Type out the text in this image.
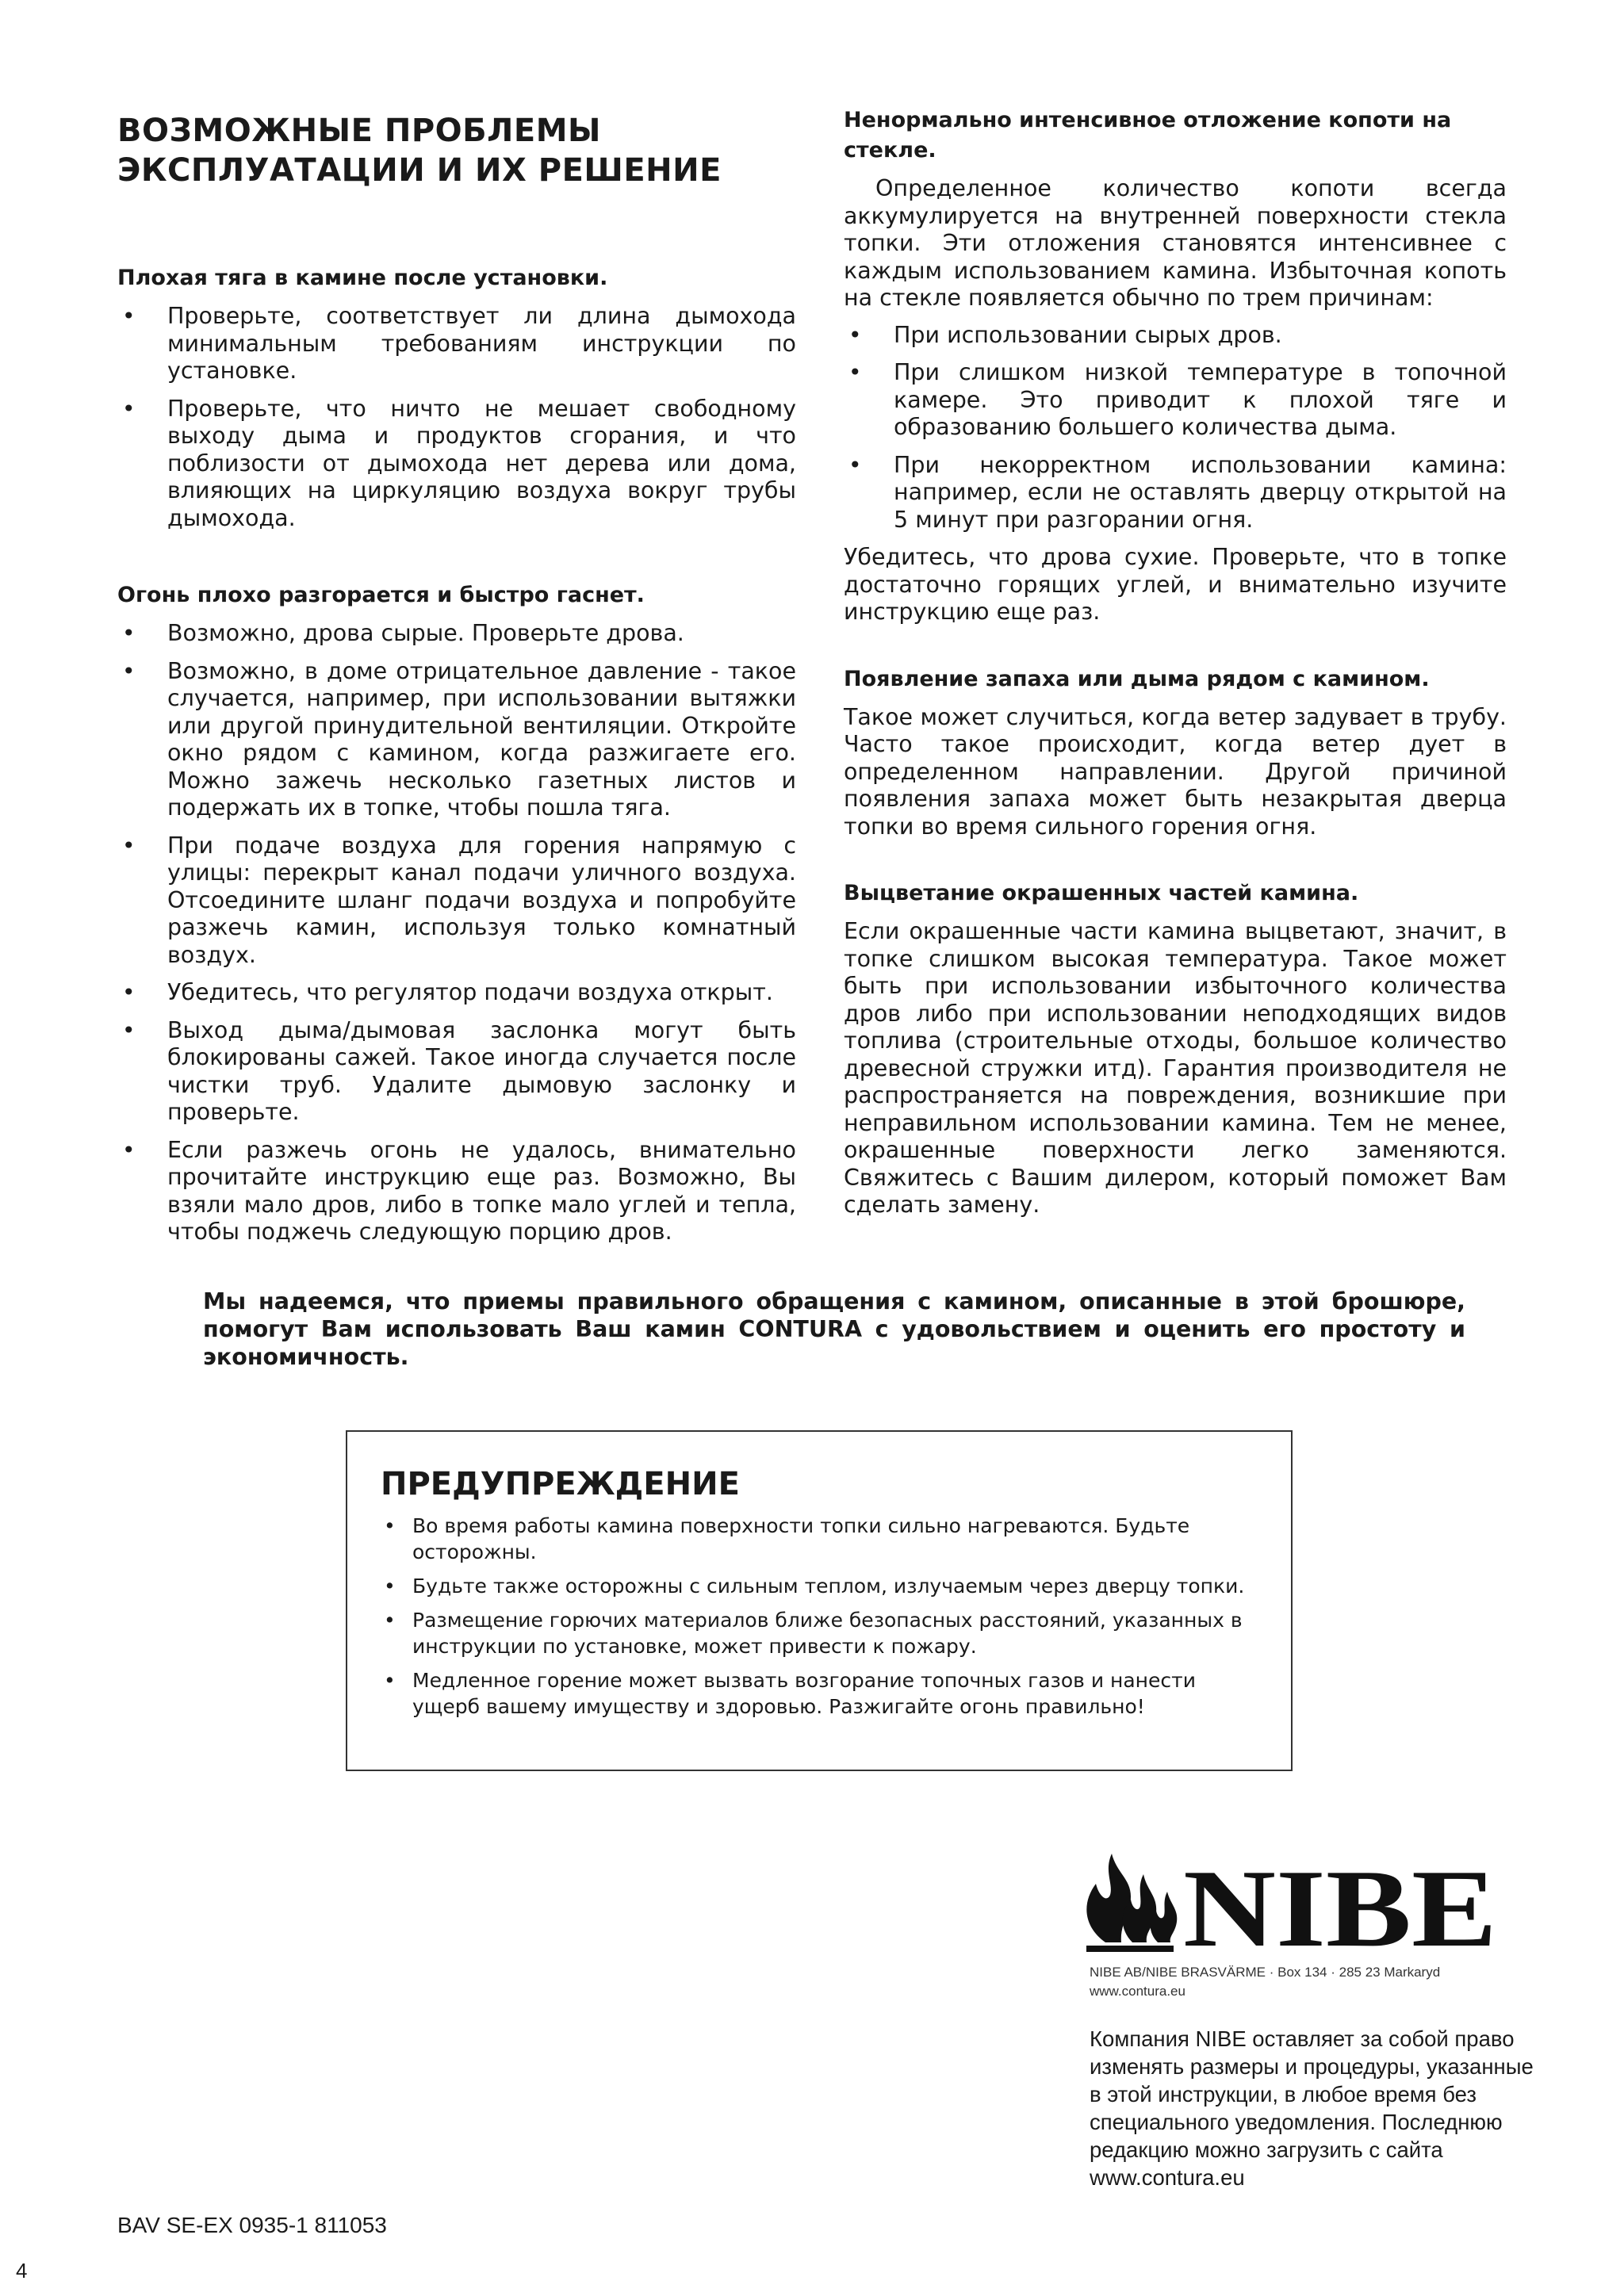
ВОЗМОЖНЫЕ ПРОБЛЕМЫ
ЭКСПЛУАТАЦИИ И ИХ РЕШЕНИЕ
Плохая тяга в камине после установки.
• Проверьте, соответствует ли длина дымохода минимальным требованиям инструкции по установке.
• Проверьте, что ничто не мешает свободному выходу дыма и продуктов сгорания, и что поблизости от дымохода нет дерева или дома, влияющих на циркуляцию воздуха вокруг трубы дымохода.
Огонь плохо разгорается и быстро гаснет.
• Возможно, дрова сырые. Проверьте дрова.
• Возможно, в доме отрицательное давление - такое случается, например, при использовании вытяжки или другой принудительной вентиляции. Откройте окно рядом с камином, когда разжигаете его. Можно зажечь несколько газетных листов и подержать их в топке, чтобы пошла тяга.
• При подаче воздуха для горения напрямую с улицы: перекрыт канал подачи уличного воздуха. Отсоедините шланг подачи воздуха и попробуйте разжечь камин, используя только комнатный воздух.
• Убедитесь, что регулятор подачи воздуха открыт.
• Выход дыма/дымовая заслонка могут быть блокированы сажей. Такое иногда случается после чистки труб. Удалите дымовую заслонку и проверьте.
• Если разжечь огонь не удалось, внимательно прочитайте инструкцию еще раз. Возможно, Вы взяли мало дров, либо в топке мало углей и тепла, чтобы поджечь следующую порцию дров.
Ненормально интенсивное отложение копоти на стекле.

Определенное количество копоти всегда аккумулируется на внутренней поверхности стекла топки. Эти отложения становятся интенсивнее с каждым использованием камина. Избыточная копоть на стекле появляется обычно по трем причинам:

• При использовании сырых дров.
• При слишком низкой температуре в топочной камере. Это приводит к плохой тяге и образованию большего количества дыма.
• При некорректном использовании камина: например, если не оставлять дверцу открытой на 5 минут при разгорании огня.

Убедитесь, что дрова сухие. Проверьте, что в топке достаточно горящих углей, и внимательно изучите инструкцию еще раз.

Появление запаха или дыма рядом с камином.

Такое может случиться, когда ветер задувает в трубу. Часто такое происходит, когда ветер дует в определенном направлении. Другой причиной появления запаха может быть незакрытая дверца топки во время сильного горения огня.

Выцветание окрашенных частей камина.

Если окрашенные части камина выцветают, значит, в топке слишком высокая температура. Такое может быть при использовании избыточного количества дров либо при использовании неподходящих видов топлива (строительные отходы, большое количество древесной стружки итд). Гарантия производителя не распространяется на повреждения, возникшие при неправильном использовании камина. Тем не менее, окрашенные поверхности легко заменяются. Свяжитесь с Вашим дилером, который поможет Вам сделать замену.

Мы надеемся, что приемы правильного обращения с камином, описанные в этой брошюре, помогут Вам использовать Ваш камин CONTURA с удовольствием и оценить его простоту и экономичность.
ПРЕДУПРЕЖДЕНИЕ
• Во время работы камина поверхности топки сильно нагреваются. Будьте осторожны.
• Будьте также осторожны с сильным теплом, излучаемым через дверцу топки.
• Размещение горючих материалов ближе безопасных расстояний, указанных в инструкции по установке, может привести к пожару.
• Медленное горение может вызвать возгорание топочных газов и нанести ущерб вашему имуществу и здоровью. Разжигайте огонь правильно!
NIBE
NIBE AB/NIBE BRASVÄRME · Box 134 · 285 23 Markaryd
www.contura.eu
Компания NIBE оставляет за собой право изменять размеры и процедуры, указанные в этой инструкции, в любое время без специального уведомления. Последнюю редакцию можно загрузить с сайта www.contura.eu
BAV SE-EX 0935-1 811053
4
